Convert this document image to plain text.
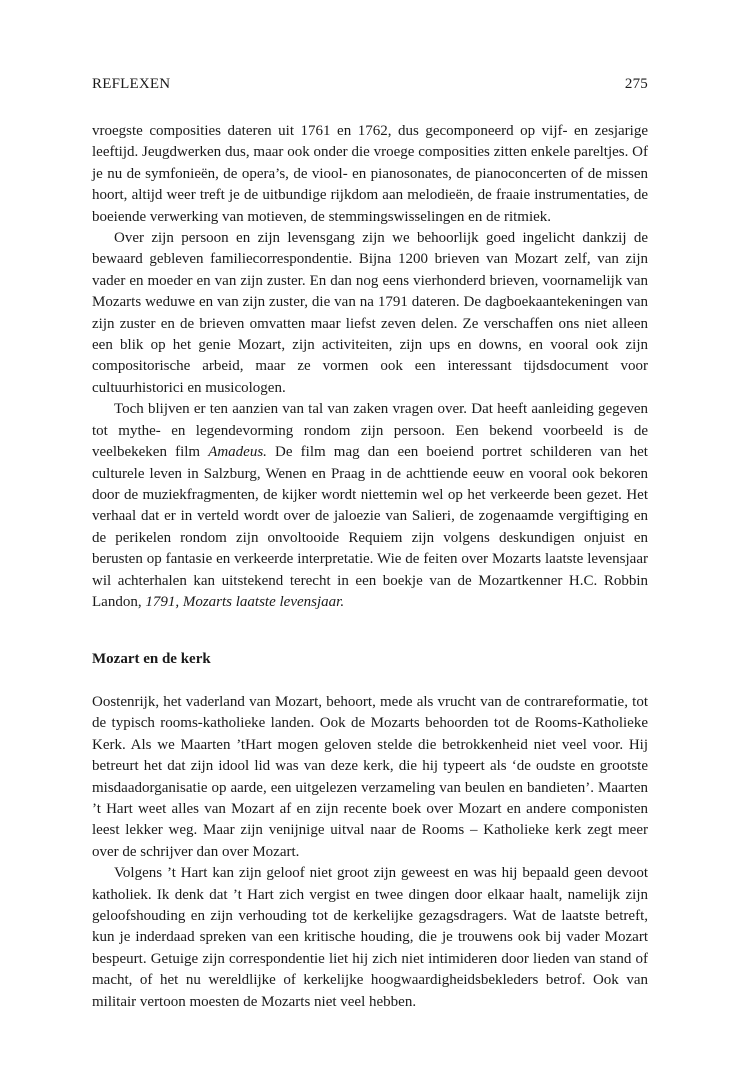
REFLEXEN	275

vroegste composities dateren uit 1761 en 1762, dus gecomponeerd op vijf- en zesjarige leeftijd. Jeugdwerken dus, maar ook onder die vroege composities zitten enkele pareltjes. Of je nu de symfonieën, de opera’s, de viool- en pianosonates, de pianoconcerten of de missen hoort, altijd weer treft je de uitbundige rijkdom aan melodieën, de fraaie instrumentaties, de boeiende verwerking van motieven, de stemmingswisselingen en de ritmiek.

Over zijn persoon en zijn levensgang zijn we behoorlijk goed ingelicht dankzij de bewaard gebleven familiecorrespondentie. Bijna 1200 brieven van Mozart zelf, van zijn vader en moeder en van zijn zuster. En dan nog eens vierhonderd brieven, voornamelijk van Mozarts weduwe en van zijn zuster, die van na 1791 dateren. De dagboekaantekeningen van zijn zuster en de brieven omvatten maar liefst zeven delen. Ze verschaffen ons niet alleen een blik op het genie Mozart, zijn activiteiten, zijn ups en downs, en vooral ook zijn compositorische arbeid, maar ze vormen ook een interessant tijdsdocument voor cultuurhistorici en musicologen.

Toch blijven er ten aanzien van tal van zaken vragen over. Dat heeft aanleiding gegeven tot mythe- en legendevorming rondom zijn persoon. Een bekend voorbeeld is de veelbekeken film Amadeus. De film mag dan een boeiend portret schilderen van het culturele leven in Salzburg, Wenen en Praag in de achttiende eeuw en vooral ook bekoren door de muziekfragmenten, de kijker wordt niettemin wel op het verkeerde been gezet. Het verhaal dat er in verteld wordt over de jaloezie van Salieri, de zogenaamde vergiftiging en de perikelen rondom zijn onvoltooide Requiem zijn volgens deskundigen onjuist en berusten op fantasie en verkeerde interpretatie. Wie de feiten over Mozarts laatste levensjaar wil achterhalen kan uitstekend terecht in een boekje van de Mozartkenner H.C. Robbin Landon, 1791, Mozarts laatste levensjaar.

Mozart en de kerk

Oostenrijk, het vaderland van Mozart, behoort, mede als vrucht van de contrareformatie, tot de typisch rooms-katholieke landen. Ook de Mozarts behoorden tot de Rooms-Katholieke Kerk. Als we Maarten ’tHart mogen geloven stelde die betrokkenheid niet veel voor. Hij betreurt het dat zijn idool lid was van deze kerk, die hij typeert als ‘de oudste en grootste misdaadorganisatie op aarde, een uitgelezen verzameling van beulen en bandieten’. Maarten ’t Hart weet alles van Mozart af en zijn recente boek over Mozart en andere componisten leest lekker weg. Maar zijn venijnige uitval naar de Rooms – Katholieke kerk zegt meer over de schrijver dan over Mozart.

Volgens ’t Hart kan zijn geloof niet groot zijn geweest en was hij bepaald geen devoot katholiek. Ik denk dat ’t Hart zich vergist en twee dingen door elkaar haalt, namelijk zijn geloofshouding en zijn verhouding tot de kerkelijke gezagsdragers. Wat de laatste betreft, kun je inderdaad spreken van een kritische houding, die je trouwens ook bij vader Mozart bespeurt. Getuige zijn correspondentie liet hij zich niet intimideren door lieden van stand of macht, of het nu wereldlijke of kerkelijke hoogwaardigheidsbekleders betrof. Ook van militair vertoon moesten de Mozarts niet veel hebben.
